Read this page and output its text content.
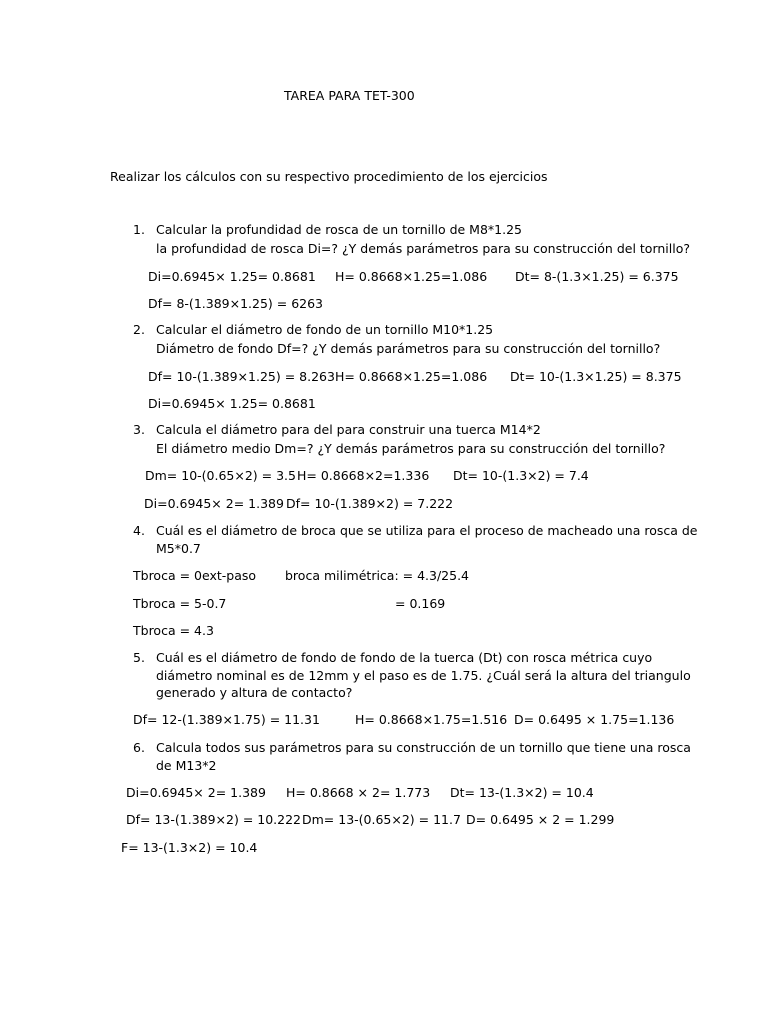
TAREA PARA TET-300
Realizar los cálculos con su respectivo procedimiento de los ejercicios
1. Calcular la profundidad de rosca de un tornillo de M8*1.25
la profundidad de rosca Di=? ¿Y demás parámetros para su construcción del tornillo?
Di=0.6945× 1.25= 0.8681 H= 0.8668×1.25=1.086 Dt= 8-(1.3×1.25) = 6.375
Df= 8-(1.389×1.25) = 6263
2. Calcular el diámetro de fondo de un tornillo M10*1.25
Diámetro de fondo Df=? ¿Y demás parámetros para su construcción del tornillo?
Df= 10-(1.389×1.25) = 8.263 H= 0.8668×1.25=1.086 Dt= 10-(1.3×1.25) = 8.375
Di=0.6945× 1.25= 0.8681
3. Calcula el diámetro para del para construir una tuerca M14*2
El diámetro medio Dm=? ¿Y demás parámetros para su construcción del tornillo?
Dm= 10-(0.65×2) = 3.5 H= 0.8668×2=1.336 Dt= 10-(1.3×2) = 7.4
Di=0.6945× 2= 1.389 Df= 10-(1.389×2) = 7.222
4. Cuál es el diámetro de broca que se utiliza para el proceso de macheado una rosca de
M5*0.7
Tbroca = 0ext-paso broca milimétrica: = 4.3/25.4
Tbroca = 5-0.7	= 0.169
Tbroca = 4.3
5. Cuál es el diámetro de fondo de fondo de la tuerca (Dt) con rosca métrica cuyo
diámetro nominal es de 12mm y el paso es de 1.75. ¿Cuál será la altura del triangulo
generado y altura de contacto?
Df= 12-(1.389×1.75) = 11.31	H= 0.8668×1.75=1.516 D= 0.6495 × 1.75=1.136
6. Calcula todos sus parámetros para su construcción de un tornillo que tiene una rosca
de M13*2
Di=0.6945× 2= 1.389 H= 0.8668 × 2= 1.773 Dt= 13-(1.3×2) = 10.4
Df= 13-(1.389×2) = 10.222 Dm= 13-(0.65×2) = 11.7 D= 0.6495 × 2 = 1.299
F= 13-(1.3×2) = 10.4
